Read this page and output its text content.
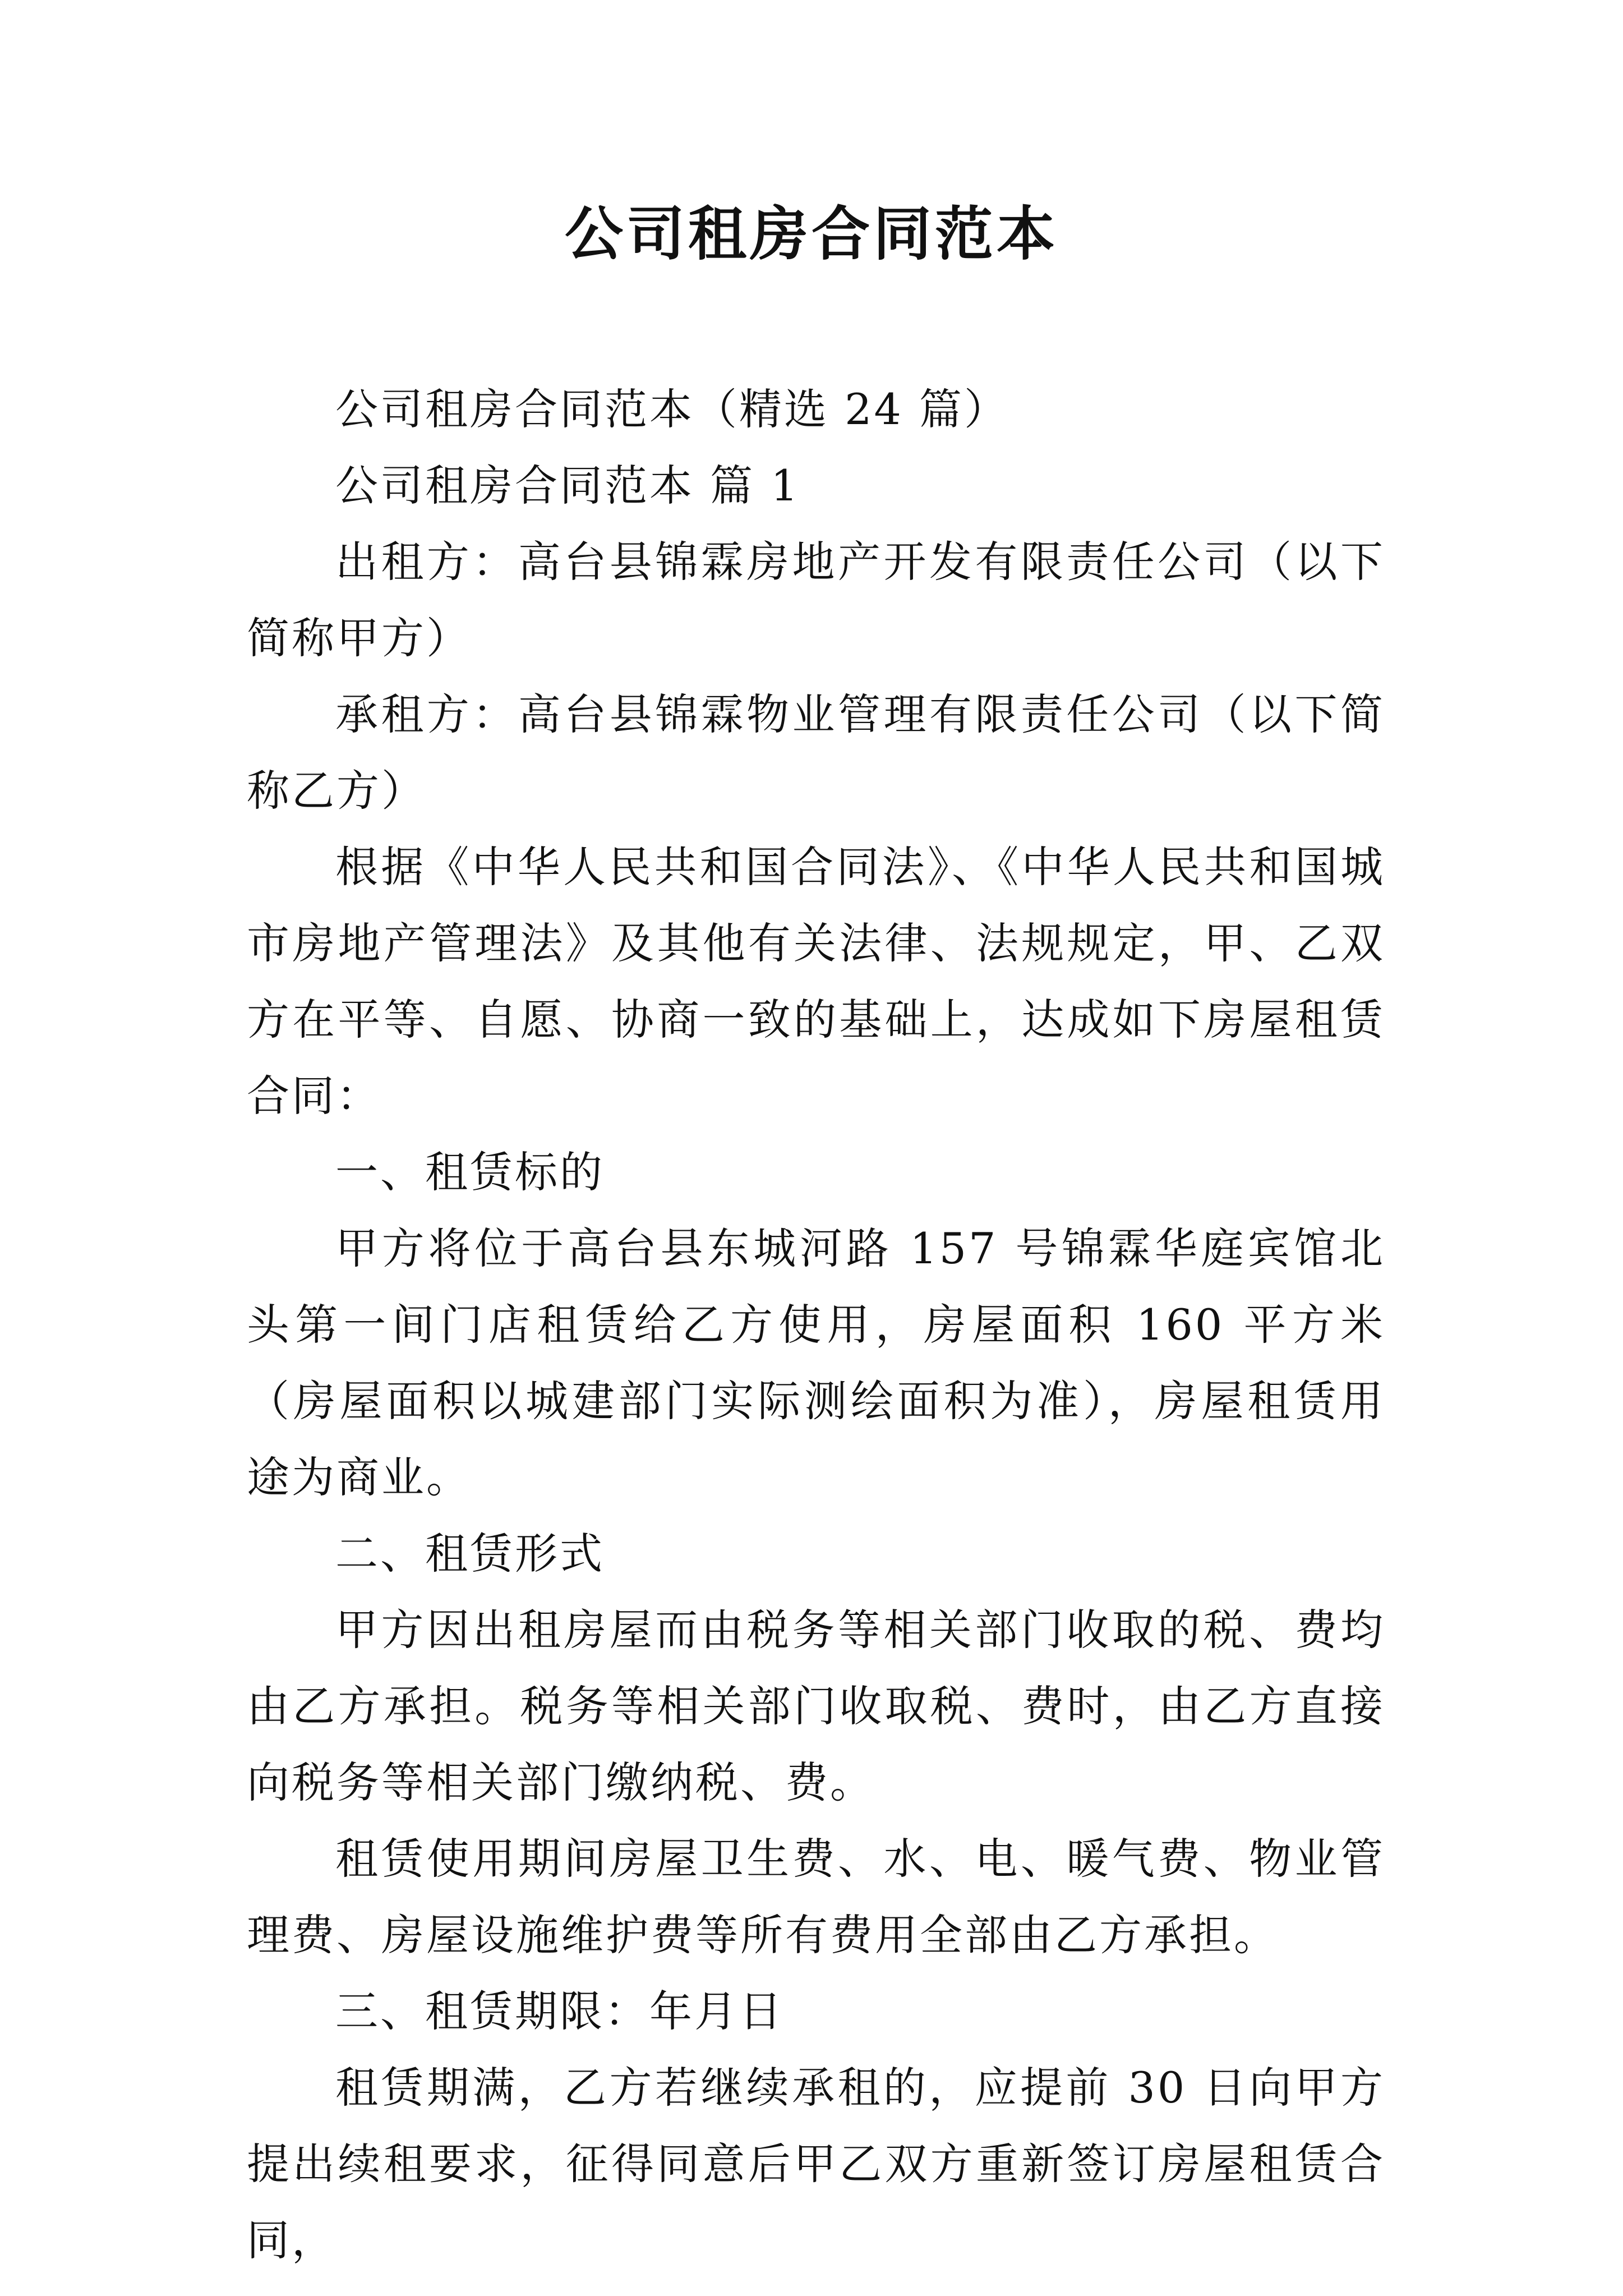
公司租房合同范本

公司租房合同范本（精选 24 篇）

公司租房合同范本 篇 1

出租方：高台县锦霖房地产开发有限责任公司（以下简称甲方）

承租方：高台县锦霖物业管理有限责任公司（以下简称乙方）

根据《中华人民共和国合同法》、《中华人民共和国城市房地产管理法》及其他有关法律、法规规定，甲、乙双方在平等、自愿、协商一致的基础上，达成如下房屋租赁合同：

一、租赁标的

甲方将位于高台县东城河路 157 号锦霖华庭宾馆北头第一间门店租赁给乙方使用，房屋面积 160 平方米（房屋面积以城建部门实际测绘面积为准），房屋租赁用途为商业。

二、租赁形式

甲方因出租房屋而由税务等相关部门收取的税、费均由乙方承担。税务等相关部门收取税、费时，由乙方直接向税务等相关部门缴纳税、费。

租赁使用期间房屋卫生费、水、电、暖气费、物业管理费、房屋设施维护费等所有费用全部由乙方承担。

三、租赁期限：年月日

租赁期满，乙方若继续承租的，应提前 30 日向甲方提出续租要求，征得同意后甲乙双方重新签订房屋租赁合同，
